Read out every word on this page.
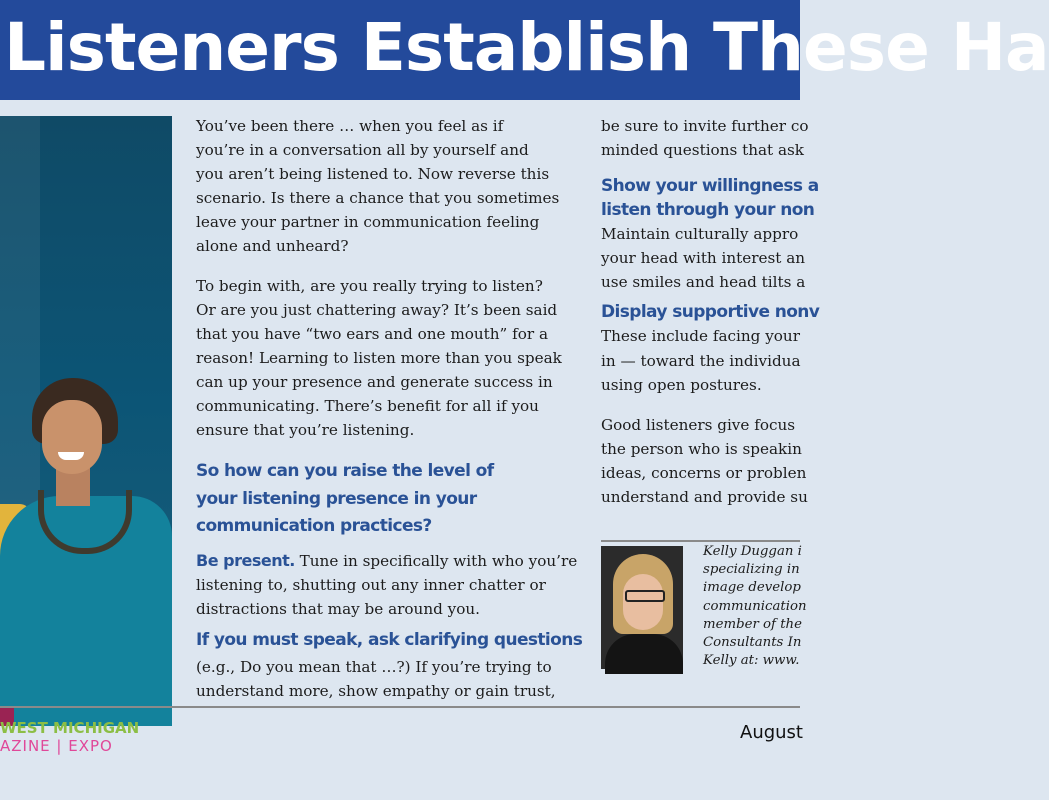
Listeners Establish These Ha

You’ve been there … when you feel as if
you’re in a conversation all by yourself and
you aren’t being listened to. Now reverse this
scenario. Is there a chance that you sometimes
leave your partner in communication feeling
alone and unheard?

To begin with, are you really trying to listen?
Or are you just chattering away? It’s been said
that you have “two ears and one mouth” for a
reason! Learning to listen more than you speak
can up your presence and generate success in
communicating. There’s benefit for all if you
ensure that you’re listening.

So how can you raise the level of
your listening presence in your
communication practices?

Be present. Tune in specifically with who you’re
listening to, shutting out any inner chatter or
distractions that may be around you.

If you must speak, ask clarifying questions

(e.g., Do you mean that …?) If you’re trying to
understand more, show empathy or gain trust,

be sure to invite further co
minded questions that ask
Show your willingness a
listen through your non
Maintain culturally appro
your head with interest an
use smiles and head tilts a
Display supportive nonv
These include facing your
in — toward the individua
using open postures.
Good listeners give focus
the person who is speakin
ideas, concerns or problen
understand and provide su
Kelly Duggan i
specializing in
image develop
communication
member of the
Consultants In
Kelly at: www.
WEST MICHIGAN
AZINE | EXPO
August
